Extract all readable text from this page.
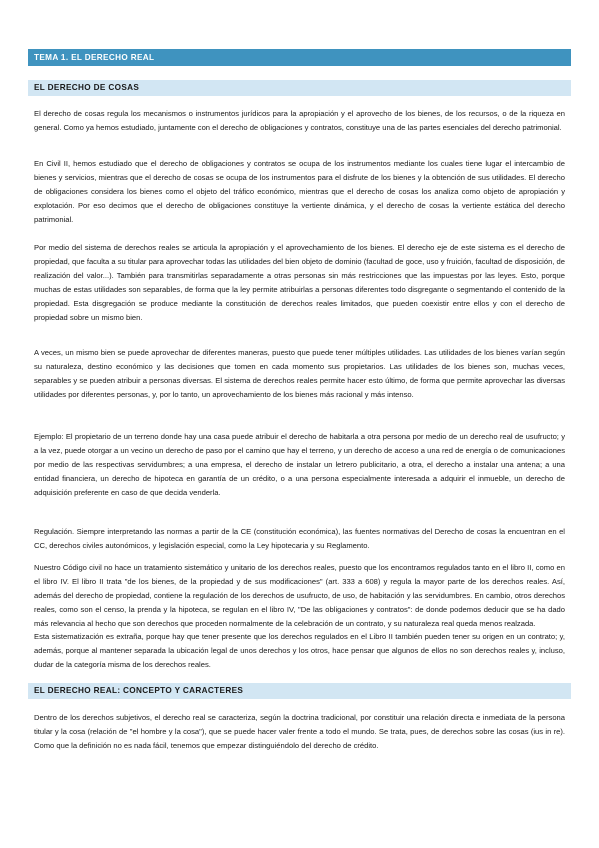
TEMA 1. EL DERECHO REAL
EL DERECHO DE COSAS

El derecho de cosas regula los mecanismos o instrumentos jurídicos para la apropiación y el aprovecho de los bienes, de los recursos, o de la riqueza en general. Como ya hemos estudiado, juntamente con el derecho de obligaciones y contratos, constituye una de las partes esenciales del derecho patrimonial.

En Civil II, hemos estudiado que el derecho de obligaciones y contratos se ocupa de los instrumentos mediante los cuales tiene lugar el intercambio de bienes y servicios, mientras que el derecho de cosas se ocupa de los instrumentos para el disfrute de los bienes y la obtención de sus utilidades. El derecho de obligaciones considera los bienes como el objeto del tráfico económico, mientras que el derecho de cosas los analiza como objeto de apropiación y explotación. Por eso decimos que el derecho de obligaciones constituye la vertiente dinámica, y el derecho de cosas la vertiente estática del derecho patrimonial.

Por medio del sistema de derechos reales se articula la apropiación y el aprovechamiento de los bienes. El derecho eje de este sistema es el derecho de propiedad, que faculta a su titular para aprovechar todas las utilidades del bien objeto de dominio (facultad de goce, uso y fruición, facultad de disposición, de realización del valor...). También para transmitirlas separadamente a otras personas sin más restricciones que las impuestas por las leyes. Esto, porque muchas de estas utilidades son separables, de forma que la ley permite atribuirlas a personas diferentes todo disgregante o segmentando el contenido de la propiedad. Esta disgregación se produce mediante la constitución de derechos reales limitados, que pueden coexistir entre ellos y con el derecho de propiedad sobre un mismo bien.

A veces, un mismo bien se puede aprovechar de diferentes maneras, puesto que puede tener múltiples utilidades. Las utilidades de los bienes varían según su naturaleza, destino económico y las decisiones que tomen en cada momento sus propietarios. Las utilidades de los bienes son, muchas veces, separables y se pueden atribuir a personas diversas. El sistema de derechos reales permite hacer esto último, de forma que permite aprovechar las diversas utilidades por diferentes personas, y, por lo tanto, un aprovechamiento de los bienes más racional y más intenso.

Ejemplo: El propietario de un terreno donde hay una casa puede atribuir el derecho de habitarla a otra persona por medio de un derecho real de usufructo; y a la vez, puede otorgar a un vecino un derecho de paso por el camino que hay el terreno, y un derecho de acceso a una red de energía o de comunicaciones por medio de las respectivas servidumbres; a una empresa, el derecho de instalar un letrero publicitario, a otra, el derecho a instalar una antena; a una entidad financiera, un derecho de hipoteca en garantía de un crédito, o a una persona especialmente interesada a adquirir el inmueble, un derecho de adquisición preferente en caso de que decida venderla.

Regulación. Siempre interpretando las normas a partir de la CE (constitución económica), las fuentes normativas del Derecho de cosas la encuentran en el CC, derechos civiles autonómicos, y legislación especial, como la Ley hipotecaria y su Reglamento.

Nuestro Código civil no hace un tratamiento sistemático y unitario de los derechos reales, puesto que los encontramos regulados tanto en el libro II, como en el libro IV. El libro II trata "de los bienes, de la propiedad y de sus modificaciones" (art. 333 a 608) y regula la mayor parte de los derechos reales. Así, además del derecho de propiedad, contiene la regulación de los derechos de usufructo, de uso, de habitación y las servidumbres. En cambio, otros derechos reales, como son el censo, la prenda y la hipoteca, se regulan en el libro IV, "De las obligaciones y contratos": de donde podemos deducir que se ha dado más relevancia al hecho que son derechos que proceden normalmente de la celebración de un contrato, y su naturaleza real queda menos realzada.

Esta sistematización es extraña, porque hay que tener presente que los derechos regulados en el Libro II también pueden tener su origen en un contrato; y, además, porque al mantener separada la ubicación legal de unos derechos y los otros, hace pensar que algunos de ellos no son derechos reales y, incluso, dudar de la categoría misma de los derechos reales.

EL DERECHO REAL: CONCEPTO Y CARACTERES

Dentro de los derechos subjetivos, el derecho real se caracteriza, según la doctrina tradicional, por constituir una relación directa e inmediata de la persona titular y la cosa (relación de "el hombre y la cosa"), que se puede hacer valer frente a todo el mundo. Se trata, pues, de derechos sobre las cosas (ius in re). Como que la definición no es nada fácil, tenemos que empezar distinguiéndolo del derecho de crédito.
